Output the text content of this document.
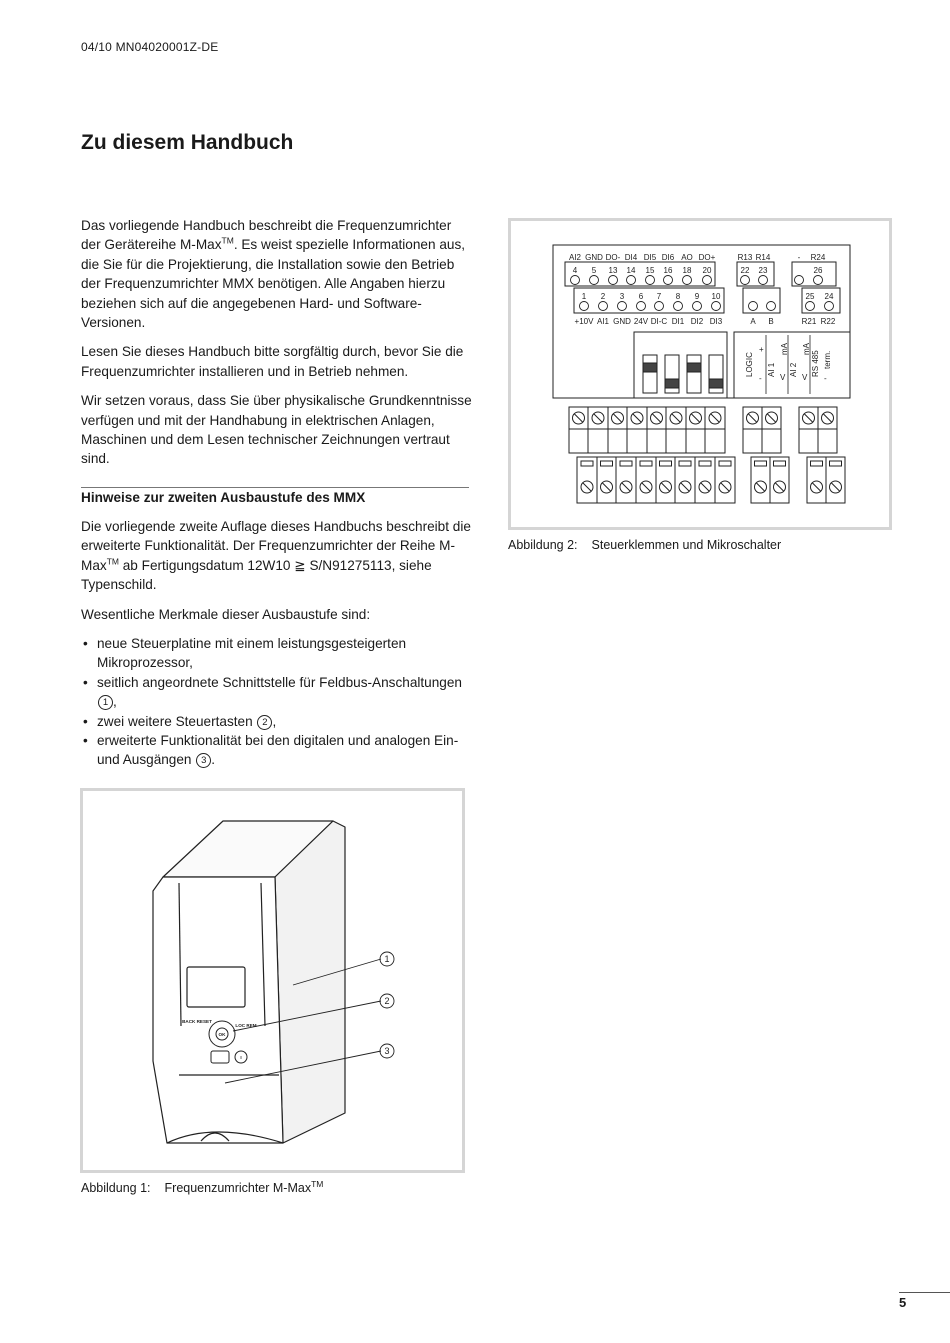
04/10 MN04020001Z-DE
Zu diesem Handbuch

Das vorliegende Handbuch beschreibt die Frequenzumrichter der Gerätereihe M-Max™. Es weist spezielle Informationen aus, die Sie für die Projektierung, die Installation sowie den Betrieb der Frequenzumrichter MMX benötigen. Alle Angaben hierzu beziehen sich auf die angegebenen Hard- und Software-Versionen.

Lesen Sie dieses Handbuch bitte sorgfältig durch, bevor Sie die Frequenzumrichter installieren und in Betrieb nehmen.

Wir setzen voraus, dass Sie über physikalische Grundkenntnisse verfügen und mit der Handhabung in elektrischen Anlagen, Maschinen und dem Lesen technischer Zeichnungen vertraut sind.

Hinweise zur zweiten Ausbaustufe des MMX

Die vorliegende zweite Auflage dieses Handbuchs beschreibt die erweiterte Funktionalität. Der Frequenzumrichter der Reihe M-Max™ ab Fertigungsdatum 12W10 ≧ S/N91275113, siehe Typenschild.

Wesentliche Merkmale dieser Ausbaustufe sind:

• neue Steuerplatine mit einem leistungsgesteigerten Mikroprozessor,
• seitlich angeordnete Schnittstelle für Feldbus-Anschaltungen 1 ,
• zwei weitere Steuertasten 2 ,
• erweiterte Funktionalität bei den digitalen und analogen Ein- und Ausgängen 3 .
AI2 GND DO- DI4 DI5 DI6 AO DO+	R13 R14	- R24
4 5 13 14 15 16 18 20	22 23	26
1 2 3 6 7 8 9 10	25 24
+10V AI1 GND 24V DI-C DI1 DI2 DI3	A B	R21 R22
LOGIC AI 1 AI 2 RS 485
+
- V
mA
V
mA
term.
-
Abbildung 2: Steuerklemmen und Mikroschalter
BACK RESET
OK
LOC REM
I
1
2
3
Abbildung 1: Frequenzumrichter M-Max™
5
